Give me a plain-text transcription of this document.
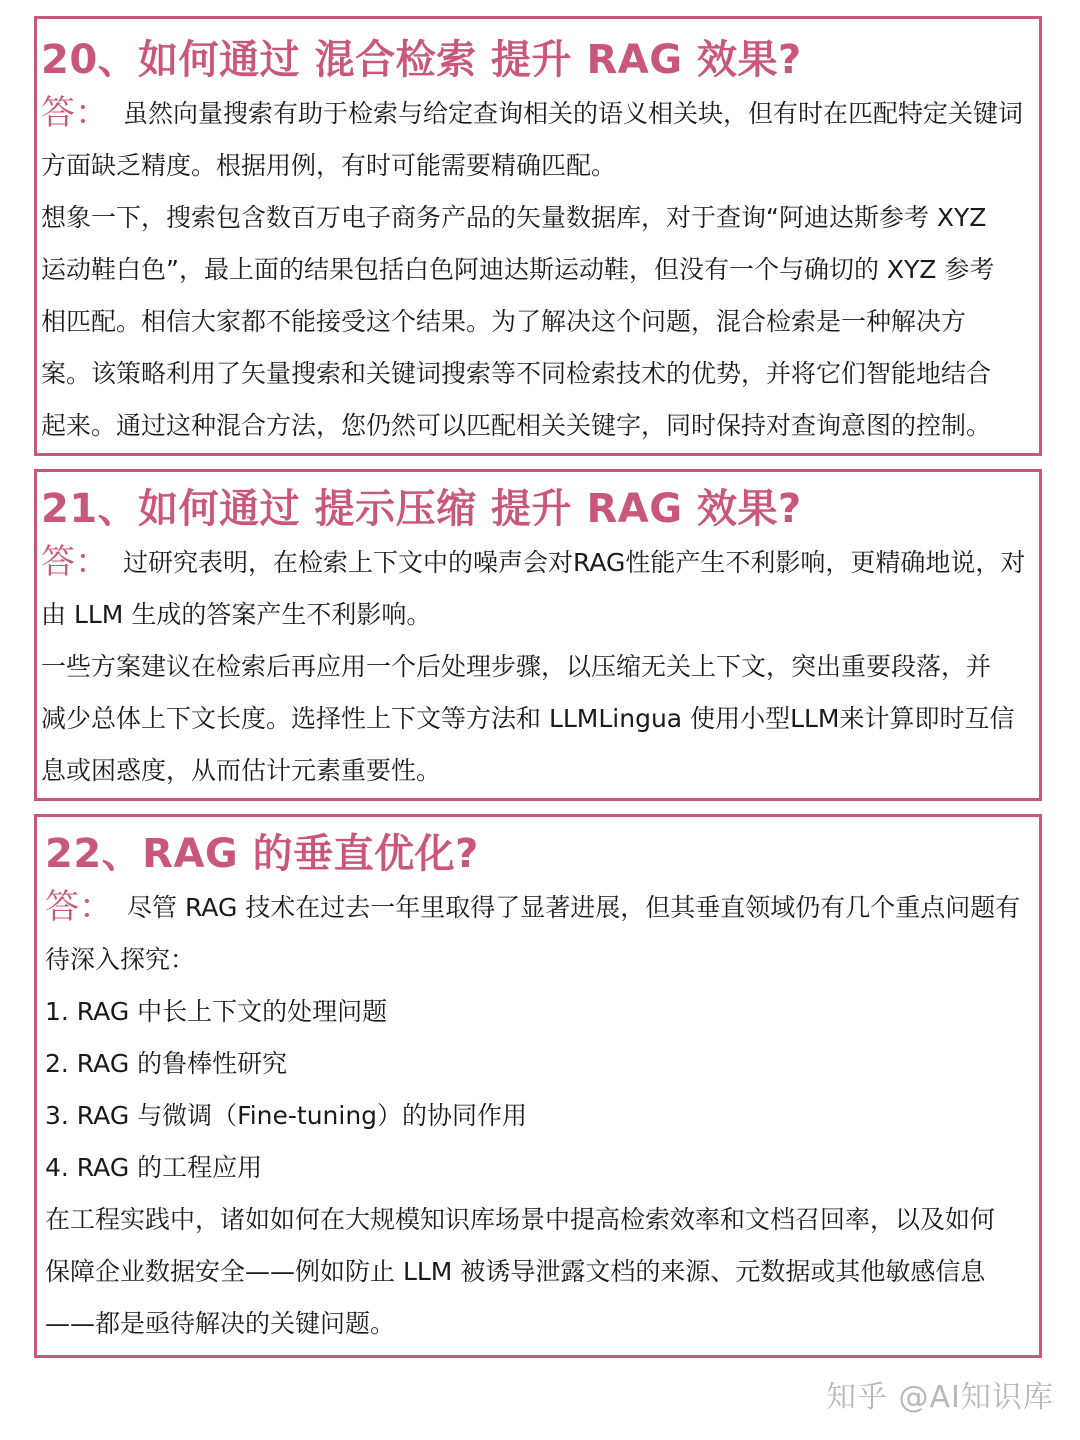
20、如何通过 混合检索 提升 RAG 效果?

答： 虽然向量搜索有助于检索与给定查询相关的语义相关块，但有时在匹配特定关键词

方面缺乏精度。根据用例，有时可能需要精确匹配。

想象一下，搜索包含数百万电子商务产品的矢量数据库，对于查询“阿迪达斯参考 XYZ

运动鞋白色”，最上面的结果包括白色阿迪达斯运动鞋，但没有一个与确切的 XYZ 参考

相匹配。相信大家都不能接受这个结果。为了解决这个问题，混合检索是一种解决方

案。该策略利用了矢量搜索和关键词搜索等不同检索技术的优势，并将它们智能地结合

起来。通过这种混合方法，您仍然可以匹配相关关键字，同时保持对查询意图的控制。

21、如何通过 提示压缩 提升 RAG 效果?

答： 过研究表明，在检索上下文中的噪声会对RAG性能产生不利影响，更精确地说，对

由 LLM 生成的答案产生不利影响。

一些方案建议在检索后再应用一个后处理步骤，以压缩无关上下文，突出重要段落，并

减少总体上下文长度。选择性上下文等方法和 LLMLingua 使用小型LLM来计算即时互信

息或困惑度，从而估计元素重要性。

22、RAG 的垂直优化?

答： 尽管 RAG 技术在过去一年里取得了显著进展，但其垂直领域仍有几个重点问题有

待深入探究：

1. RAG 中长上下文的处理问题

2. RAG 的鲁棒性研究

3. RAG 与微调（Fine-tuning）的协同作用

4. RAG 的工程应用

在工程实践中，诸如如何在大规模知识库场景中提高检索效率和文档召回率，以及如何

保障企业数据安全——例如防止 LLM 被诱导泄露文档的来源、元数据或其他敏感信息

——都是亟待解决的关键问题。

知乎 @AI知识库
